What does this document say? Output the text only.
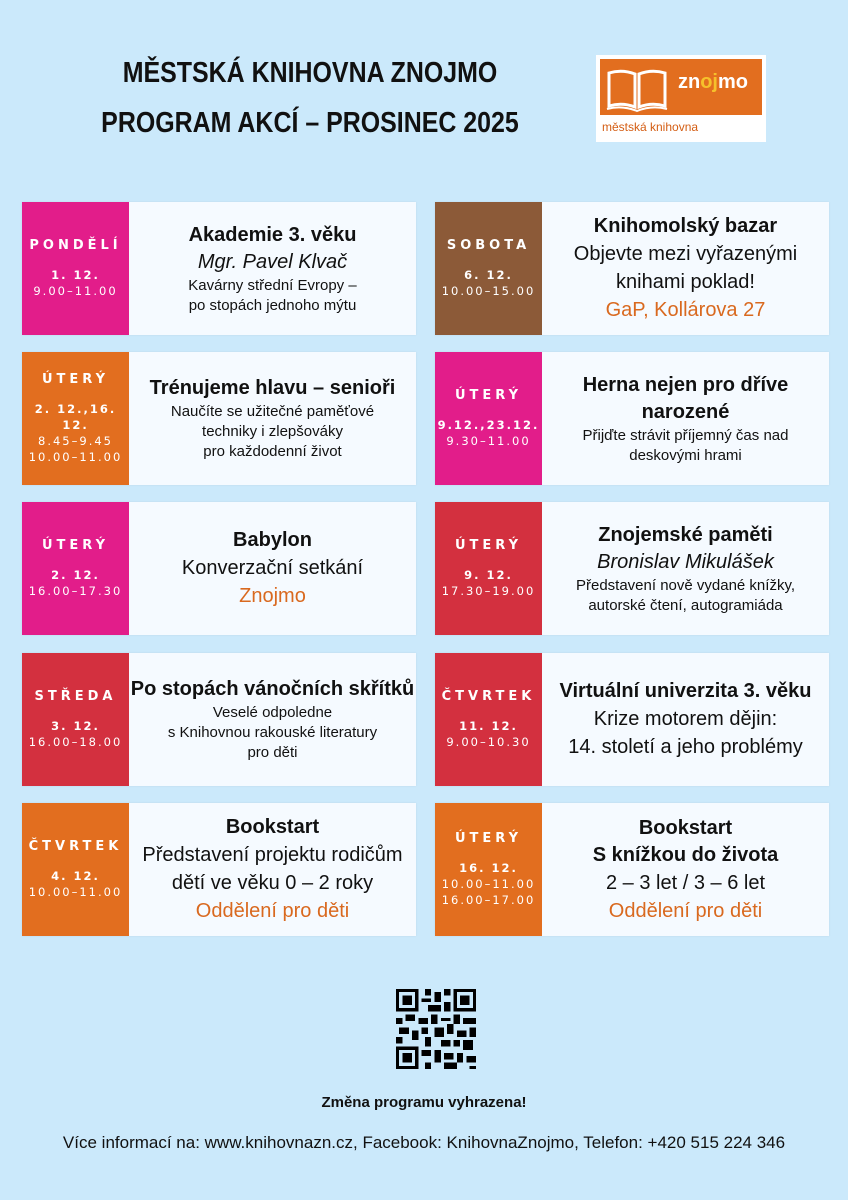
MĚSTSKÁ KNIHOVNA ZNOJMO
PROGRAM AKCÍ – PROSINEC 2025
znojmo
městská knihovna
PONDĚLÍ
1. 12.
9.00–11.00
Akademie 3. věku
Mgr. Pavel Klvač
Kavárny střední Evropy –
po stopách jednoho mýtu
SOBOTA
6. 12.
10.00–15.00
Knihomolský bazar
Objevte mezi vyřazenými
knihami poklad!
GaP, Kollárova 27
ÚTERÝ
2. 12.,16. 12.
8.45–9.45
10.00–11.00
Trénujeme hlavu – senioři
Naučíte se užitečné paměťové
techniky i zlepšováky
pro každodenní život
ÚTERÝ
9.12.,23.12.
9.30–11.00
Herna nejen pro dříve
narozené
Přijďte strávit příjemný čas nad
deskovými hrami
ÚTERÝ
2. 12.
16.00–17.30
Babylon
Konverzační setkání
Znojmo
ÚTERÝ
9. 12.
17.30–19.00
Znojemské paměti
Bronislav Mikulášek
Představení nově vydané knížky,
autorské čtení, autogramiáda
STŘEDA
3. 12.
16.00–18.00
Po stopách vánočních skřítků
Veselé odpoledne
s Knihovnou rakouské literatury
pro děti
ČTVRTEK
11. 12.
9.00–10.30
Virtuální univerzita 3. věku
Krize motorem dějin:
14. století a jeho problémy
ČTVRTEK
4. 12.
10.00–11.00
Bookstart
Představení projektu rodičům
dětí ve věku 0 – 2 roky
Oddělení pro děti
ÚTERÝ
16. 12.
10.00–11.00
16.00–17.00
Bookstart
S knížkou do života
2 – 3 let / 3 – 6 let
Oddělení pro děti
Změna programu vyhrazena!
Více informací na: www.knihovnazn.cz, Facebook: KnihovnaZnojmo, Telefon: +420 515 224 346
